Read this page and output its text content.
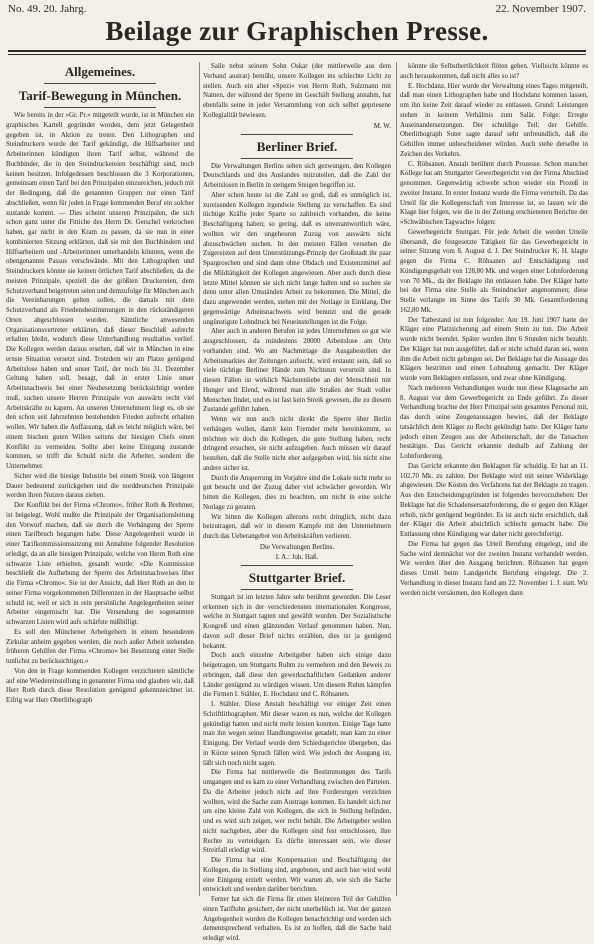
No. 49. 20. Jahrg.	22. November 1907.
Beilage zur Graphischen Presse.
Allgemeines.
Tarif-Bewegung in München.

Wie bereits in der »Gr. Pr.« mitgeteilt wurde, ist in München ein graphisches Kartell gegründet worden, dem jetzt Gelegenheit gegeben ist, in Aktion zu treten. Den Lithographen und Steindruckern wurde der Tarif gekündigt, die Hilfsarbeiter und Arbeiterinnen kündigten ihren Tarif selbst, während die Buchbinder, die in den Steindruckereien beschäftigt sind, noch keinen besitzen. Infolgedessen beschlossen die 3 Korporationen, gemeinsam einen Tarif bei den Prinzipalen einzureichen, jedoch mit der Bedingung, daß die genannten Gruppen nur einen Tarif abschließen, wenn für jeden in Frage kommenden Beruf ein solcher zustande kommt. — Dies scheint unseren Prinzipalen, die sich schon ganz unter die Fittiche des Herrn Dr. Gerschel verkrochen haben, gar nicht in den Kram zu passen, da sie nun in einer kombinierten Sitzung erklärten, daß sie mit den Buchbindern und Hilfsarbeitern und -Arbeiterinnen unterhandeln könnten, wenn die obengenannte Passus verschwände. Mit den Lithographen und Steindruckern könnte sie keinen örtlichen Tarif abschließen, da die meisten Prinzipale, speziell die der größten Druckereien, dem Schutzverband beigetreten seien und demzufolge für München auch die Vereinbarungen gelten sollen, die damals mit dem Schutzverband als Friedensbestimmungen in den rückständigeren Orten abgeschlossen wurden. Sämtliche anwesenden Organisationsvertreter erklärten, daß dieser Beschluß aufrecht erhalten bleibt, wodurch diese Unterhandlung resultatlos verlief. Die Kollegen werden daraus ersehen, daß wir in München in eine ernste Situation versetzt sind. Trotzdem wir am Platze genügend Arbeitslose haben und unser Tarif, der noch bis 31. Dezember Geltung haben soll, besagt, daß in erster Linie unser Arbeitsnachweis bei einer Neubesetzung berücksichtigt werden muß, suchen unsere Herren Prinzipale von auswärts recht viel Arbeitskräfte zu kapern. An unseren Unternehmern liegt es, ob sie den schon seit Jahrzehnten bestehenden Frieden aufrecht erhalten wollen. Wir haben die Auffassung, daß es leicht möglich wäre, bei einem bischen guten Willen seitens der hiesigen Chefs einen Konflikt zu vermeiden. Sollte aber keine Einigung zustande kommen, so trifft die Schuld nicht die Arbeiter, sondern die Unternehmer.

Sicher wird die hiesige Industrie bei einem Streik von längerer Dauer bedeutend zurückgehen und die norddeutschen Prinzipale werden ihren Nutzen daraus ziehen.

Der Konflikt bei der Firma »Chromo«, früher Roth & Brehmer, ist beigelegt. Wohl mußte die Prinzipale der Organisationsleitung den Vorwurf machen, daß sie durch die Verhängung der Sperre einen Tarifbruch begangen habe. Diese Angelegenheit wurde in einer Tarifkommissionssitzung mit Annahme folgender Resolution erledigt, da an alle hiesigen Prinzipale, welche von Herrn Roth eine schwarze Liste erhielten, gesandt wurde: »Die Kommission beschließt die Aufhebung der Sperre des Arbeitsnachweises über die Firma »Chromo«. Sie ist der Ansicht, daß Herr Roth an den in seiner Firma vorgekommenen Differenzen in der Hauptsache selbst schuld ist, weil er sich in rein persönliche Angelegenheiten seiner Arbeiter eingemischt hat. Die Versendung der sogenannten schwarzen Listen wird aufs schärfste mißbilligt.

Es soll den Münchener Arbeitgebern in einem besonderen Zirkular anheim gegeben werden, die noch außer Arbeit stehenden früheren Gehilfen der Firma »Chromo« bei Besetzung einer Stelle tunlichst zu berücksichtigen.«

Von den in Frage kommenden Kollegen verzichteten sämtliche auf eine Wiedereinstellung in genannter Firma und glauben wir, daß Herr Roth durch diese Resolution genügend gekennzeichnet ist. Eifrig war Herr Oberlithograph

Saile nebst seinem Sohn Oskar (der mittlerweile aus dem Verband austrat) bemüht, unsere Kollegen ins schlechte Licht zu stellen. Auch ein alter »Spezi« von Herrn Roth, Sulzmann mit Namen, der während der Sperre im Geschäft Stellung annahm, hat ebenfalls seine in jeder Versammlung von sich selbst gepriesene Kollegialität bewiesen.

M. W.
Berliner Brief.

Die Verwaltungen Berlins sehen sich gezwungen, den Kollegen Deutschlands und des Auslandes mitzuteilen, daß die Zahl der Arbeitslosen in Berlin in stetigem Steigen begriffen ist.

Aber schon heute ist die Zahl so groß, daß es unmöglich ist, zureisenden Kollegen irgendwie Stellung zu verschaffen. Es sind tüchtige Kräfte jeder Sparte so zahlreich vorhanden, die keine Beschäftigung haben; so gering, daß es unverantwortlich wäre, wollten wir den ungeheuren Zuzug von auswärts nicht abzuschwächen suchen. In den meisten Fällen versehen die Zugereisten auf dem Unterstützungs-Prinzip der Großstadt ihr paar Spargroschen und sind dann ohne Obdach und Existenzmittel auf die Mildtätigkeit der Kollegen angewiesen. Aber auch durch diese letzte Mittel können sie sich nicht lange halten und so suchen sie denn unter allen Umständen Arbeit zu bekommen. Die Mittel, die dazu angewendet werden, stehen mit der Notlage in Einklang. Der gegenwärtige Arbeitsnachweis wird benutzt und die gerade ungünstigste Lohndruck bei Neueinstellungen ist die Folge.

Aber auch in anderen Berufen ist jedes Unternehmen so gut wie ausgeschlossen, da mindestens 20000 Arbeitslose am Orte vorhanden sind. Wo am Nachmittage die Ausgabestellen der Arbeitsmarktes der Zeitungen aufsucht, wird erstaunt sein, daß so viele tüchtige Berliner Hände zum Nichtstun verurteilt sind. In diesen Fällen ist wirklich Nächstenliebe an der Menschheit mit Hunger und Elend, während man alle Straßen der Stadt voller Menschen findet, und es ist fast kein Streik gewesen, die zu diesem Zustande geführt haben.

Wenn wir nun auch nicht direkt die Sperre über Berlin verhängen wollen, damit kein Fremder mehr hereinkommt, so möchten wir doch die Kollegen, die gute Stellung haben, recht dringend ersuchen, sie nicht aufzugeben. Auch müssen wir darauf bestehen, daß die Stelle nicht eher aufgegeben wird, bis nicht eine andere sicher ist.

Durch die Ansperrung im Vorjahre sind die Lokale nicht mehr so gut besucht und der Zuzug daher viel schwächer geworden. Wir bitten die Kollegen, dies zu beachten, um nicht in eine solche Notlage zu geraten.

Wir bitten die Kollegen allerorts recht dringlich, nicht dazu beizutragen, daß wir in diesem Kampfe mit den Unternehmern durch das Ueberangebot von Arbeitskräften verlieren.

Die Verwaltungen Berlins.
I. A.: Joh. Haß.
Stuttgarter Brief.

Stuttgart ist im letzten Jahre sehr berühmt geworden. Die Leser erkennen sich in der verschiedensten internationalen Kongresse, welche in Stuttgart tagten und gewählt wurden. Der Sozialistische Kongreß und einen glänzenden Verlauf genommen haben. Nun, davon soll dieser Brief nichts erzählen, dies ist ja genügend bekannt.

Doch auch einzelne Arbeitgeber haben sich einige dazu beigetragen, um Stuttgarts Ruhm zu vermehren und den Beweis zu erbringen, daß diese den gewerkschaftlichen Gedanken anderer Länder genügend zu würdigen wissen. Um diesem Ruhm kämpfen die Firmen I. Stähler, E. Hochdanz und C. Röhsanen.

I. Stähler. Diese Anstalt beschäftigt vor einiger Zeit einen Schriftlithographen. Mit dieser waren es nun, welche der Kollegen gekündigt hatten und nicht mehr leisten konnten. Einige Tage hatte man ihn wegen seiner Handlungsweise getadelt, man kam zu einer Einigung. Der Verlauf wurde dem Schiedsgerichte übergeben, das in Kürze seinen Spruch fällen wird. Wie jedoch der Ausgang ist, läßt sich noch nicht sagen.

Die Firma hat mittlerweile die Bestimmungen des Tarifs umgangen und es kam zu einer Verhandlung zwischen den Parteien. Da die Arbeiter jedoch nicht auf ihre Forderungen verzichten wollten, wird die Sache zum Austrage kommen. Es handelt sich nur um eine kleine Zahl von Kollegen, die sich in Stellung befinden, und es wird sich zeigen, wer recht behält. Die Arbeitgeber wollen nicht nachgeben, aber die Kollegen sind fest entschlossen, ihre Rechte zu verteidigen. Es dürfte interessant sein, wie dieser Streitfall erledigt wird.

Die Firma hat eine Kompensation und Beschäftigung der Kollegen, die in Stellung sind, angeboten, und auch hier wird wohl eine Einigung erzielt werden. Wir warten ab, wie sich die Sache entwickelt und werden darüber berichten.

Ferner hat sich die Firma für einen kleineren Teil der Gehilfen einen Tariflohn gesichert, der nicht unerheblich ist. Von der ganzen Angelegenheit wurden die Kollegen benachrichtigt und werden sich dementsprechend verhalten. Es ist zu hoffen, daß die Sache bald erledigt wird.

könnte die Selbsthertlichkeit flöten gehen. Vielleicht könnte es auch herauskommen, daß nicht alles so ist?

E. Hochdanz. Hier wurde der Verwaltung eines Tages mitgeteilt, daß man einen Lithographen habe und Hochdanz kommen lassen, um ihn keine Zeit darauf wieder zu entlassen. Grund: Leistungen stehen in keinem Verhältnis zum Salär. Folge: Erregte Auseinandersetzungen. Der schuldige Teil: der Gehilfe. Oberlithograph Suter sagte darauf sehr unfreundlich, daß die Gehilfen immer unbescheidener würden. Auch stehe derselbe in Zeichen des Verkehrs.

C. Röhsanen. Anstalt berühmt durch Prozesse. Schon mancher Kollege hat am Stuttgarter Gewerbegericht von der Firma Abschied genommen. Gegenwärtig schwebt schon wieder ein Prozeß in zweiter Instanz. In erster Instanz wurde die Firma verurteilt. Da das Urteil für die Kollegenschaft von Interesse ist, so lassen wir die Klage hier folgen, wie die in der Zeitung erschienenen Berichte der »Schwäbischen Tagwacht« folgen:

Gewerbegericht Stuttgart. Für jede Arbeit die werden Urteile übersandt, die festgesetzte Tätigkeit für das Gewerbegericht in seiner Sitzung vom 8. August d. J. Der Steindrucker K. H. klagte gegen die Firma C. Röhsanen auf Entschädigung und Kündigungsgehalt von 128,80 Mk. und wegen einer Lohnforderung von 70 Mk., da der Beklagte ihn entlassen habe. Der Kläger hatte bei der Firma eine Stelle als Steindrucker angenommen; diese Stelle verlangte im Sinne des Tarifs 30 Mk. Gesamtforderung 162,80 Mk.

Der Tatbestand ist nun folgender: Am 19. Juni 1907 hatte der Kläger eine Platzsicherung auf einem Stein zu tun. Die Arbeit wurde nicht beendet. Später wurden ihm 6 Stunden nicht bezahlt. Der Kläger hat nun ausgeführt, daß er nicht schuld daran sei, wenn ihm die Arbeit nicht gelungen sei. Der Beklagte hat die Aussage des Klägers bestritten und einen Lohnabzug gemacht. Der Kläger wurde vom Beklagten entlassen, und zwar ohne Kündigung.

Nach mehreren Verhandlungen wurde nun diese Klagesache am 8. August vor dem Gewerbegericht zu Ende geführt. Zu dieser Verhandlung brachte der Herr Prinzipal sein gesamtes Personal mit, das durch seine Zeugenaussagen bewies, daß der Beklagte tatsächlich dem Kläger zu Recht gekündigt hatte. Der Kläger hatte jedoch einen Zeugen aus der Arbeiterschaft, der die Tatsachen bestätigte. Das Gericht erkannte deshalb auf Zahlung der Lohnforderung.

Das Gericht erkannte den Beklagten für schuldig. Er hat an 11. 102,70 Mk. zu zahlen. Der Beklagte wird mit seiner Widerklage abgewiesen. Die Kosten des Verfahrens hat der Beklagte zu tragen. Aus den Entscheidungsgründen ist folgendes hervorzuheben: Der Beklagte hat die Schadensersatzforderung, die er gegen den Kläger erhob, nicht genügend begründet. Es ist auch nicht ersichtlich, daß der Kläger die Arbeit absichtlich schlecht gemacht habe. Die Entlassung ohne Kündigung war daher nicht gerechtfertigt.

Die Firma hat gegen das Urteil Berufung eingelegt, und die Sache wird demnächst vor der zweiten Instanz verhandelt werden. Wir werden über den Ausgang berichten. Röhsanen hat gegen dieses Urteil beim Landgericht Berufung eingelegt. Die 2. Verhandlung in dieser Instanz fand am 22. November 1. J. statt. Wir werden nicht versäumen, den Kollegen dann
